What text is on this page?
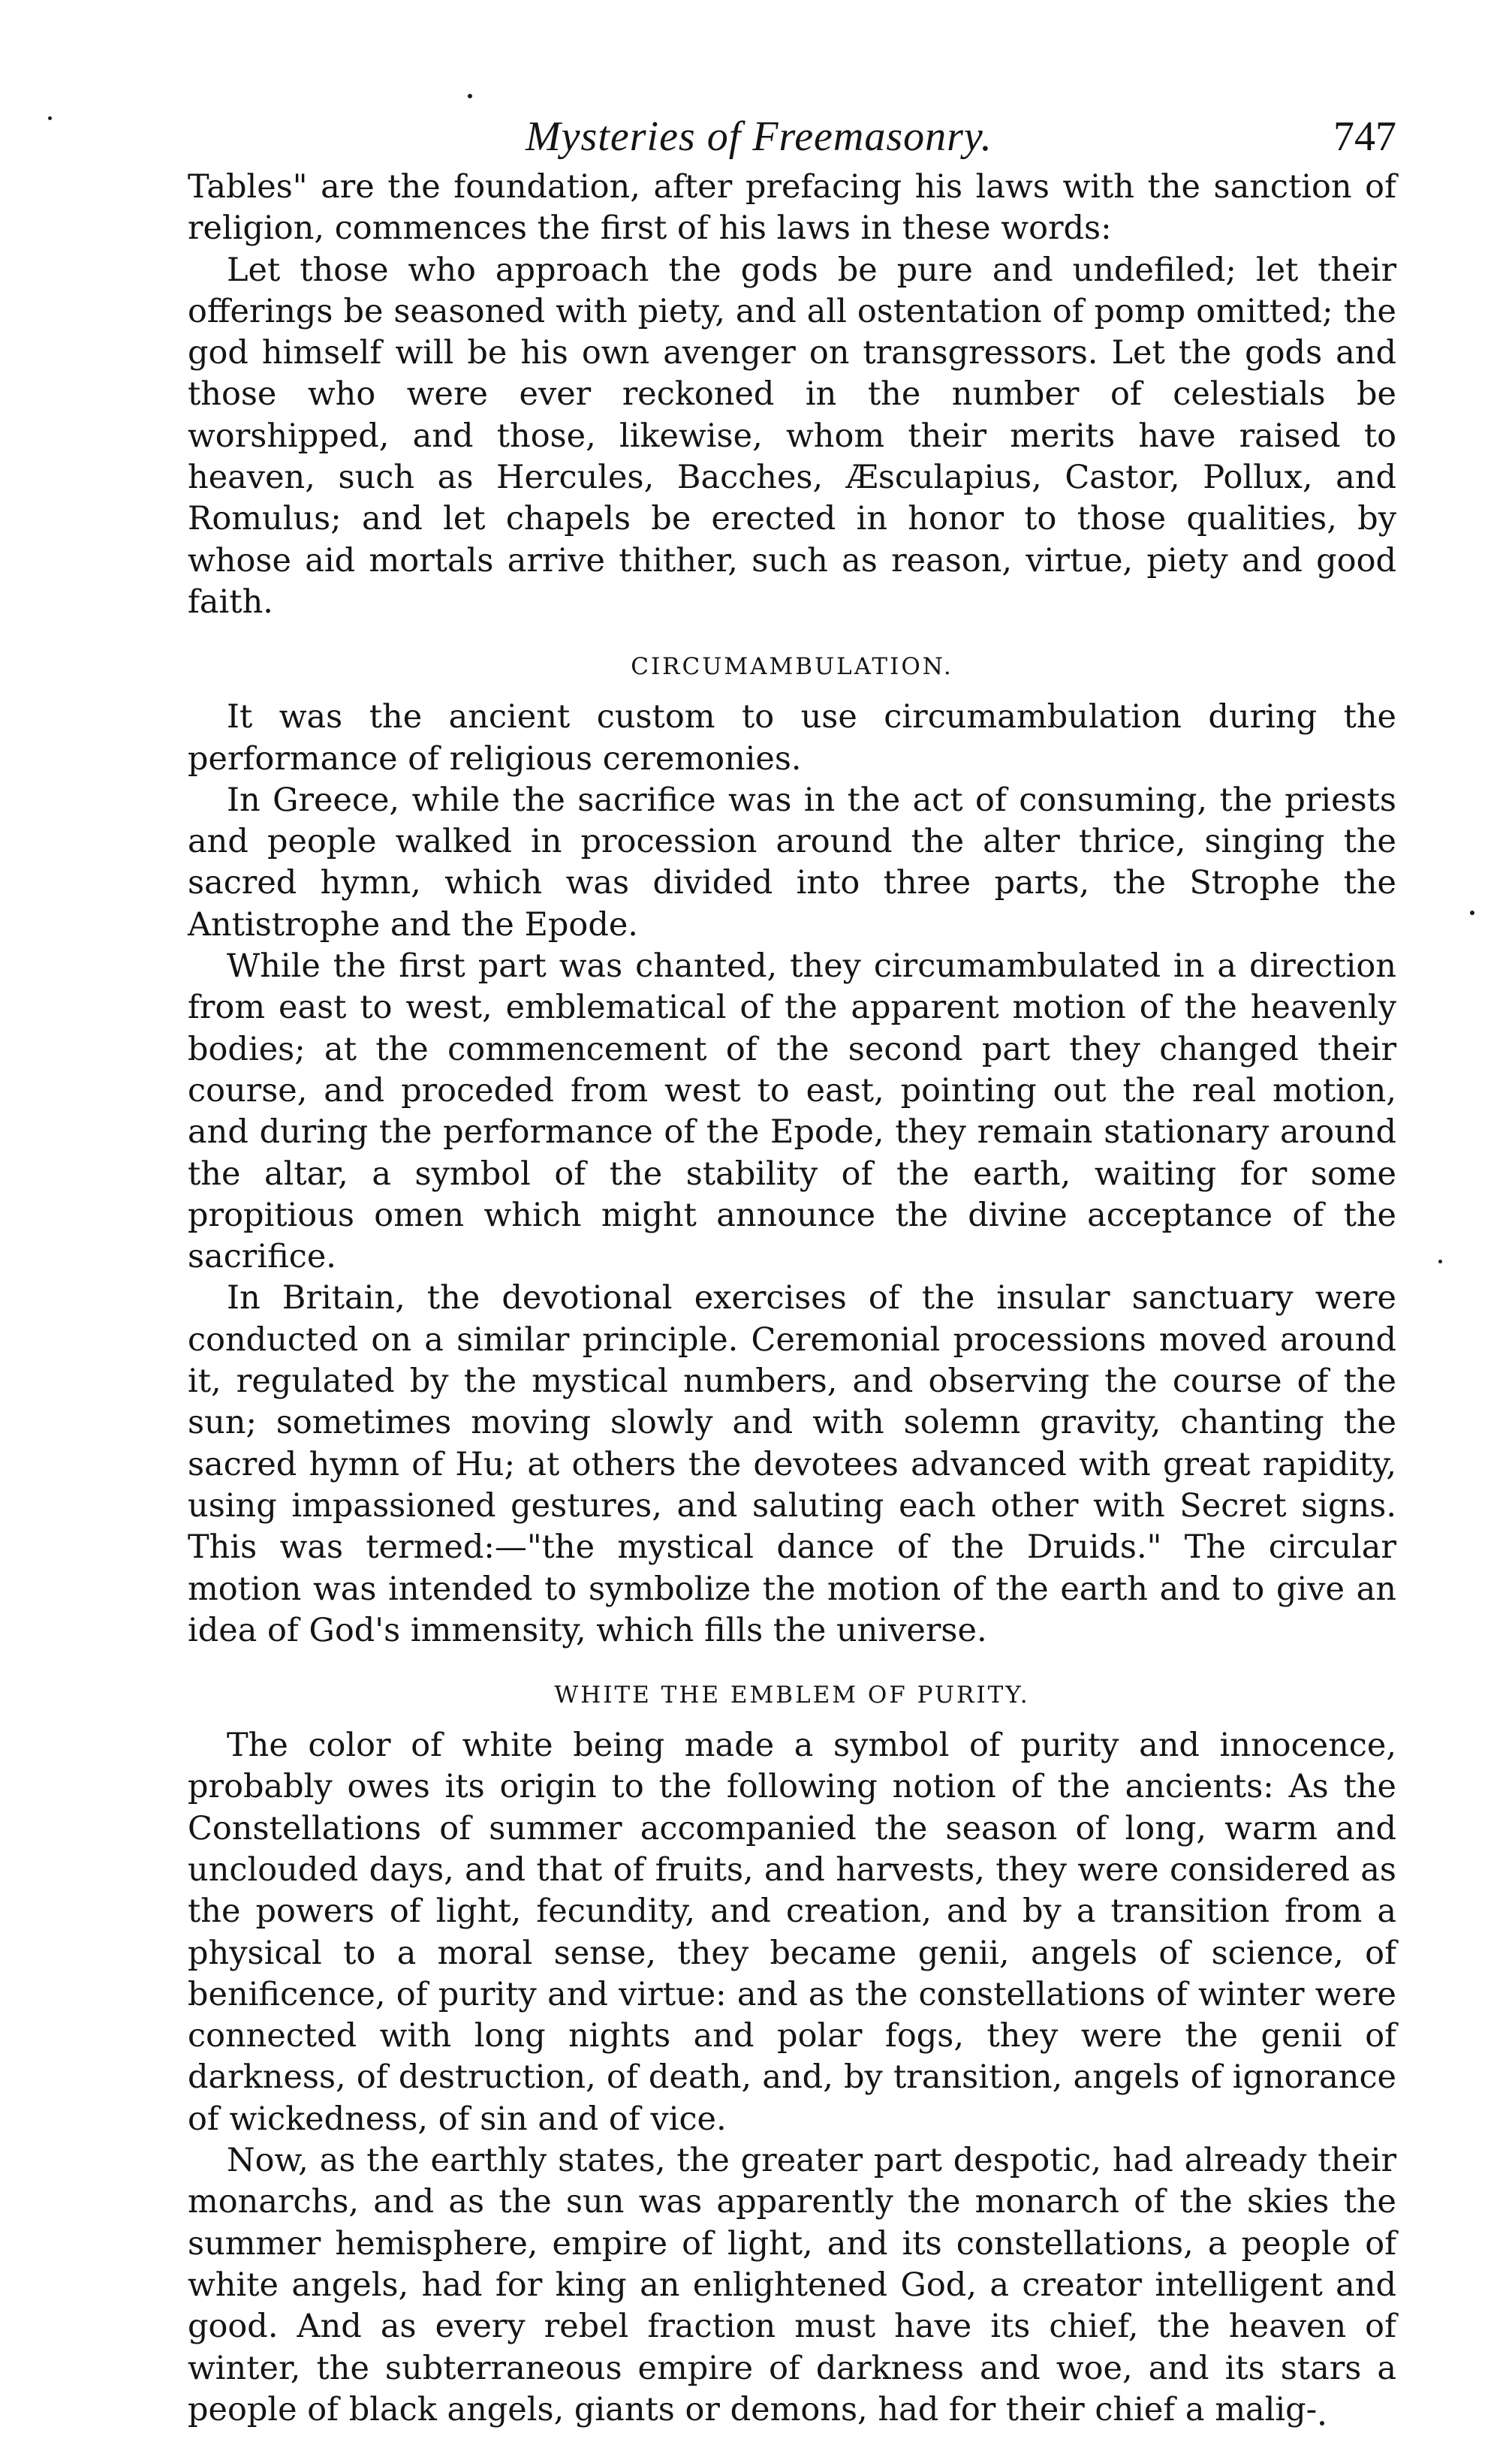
Mysteries of Freemasonry.	747

Tables" are the foundation, after prefacing his laws with the sanction of religion, commences the first of his laws in these words:

Let those who approach the gods be pure and undefiled; let their offerings be seasoned with piety, and all ostentation of pomp omitted; the god himself will be his own avenger on transgressors. Let the gods and those who were ever reckoned in the number of celestials be worshipped, and those, likewise, whom their merits have raised to heaven, such as Hercules, Bacches, Æsculapius, Castor, Pollux, and Romulus; and let chapels be erected in honor to those qualities, by whose aid mortals arrive thither, such as reason, virtue, piety and good faith.

CIRCUMAMBULATION.

It was the ancient custom to use circumambulation during the performance of religious ceremonies.

In Greece, while the sacrifice was in the act of consuming, the priests and people walked in procession around the alter thrice, singing the sacred hymn, which was divided into three parts, the Strophe the Antistrophe and the Epode.

While the first part was chanted, they circumambulated in a direction from east to west, emblematical of the apparent motion of the heavenly bodies; at the commencement of the second part they changed their course, and proceded from west to east, pointing out the real motion, and during the performance of the Epode, they remain stationary around the altar, a symbol of the stability of the earth, waiting for some propitious omen which might announce the divine acceptance of the sacrifice.

In Britain, the devotional exercises of the insular sanctuary were conducted on a similar principle. Ceremonial processions moved around it, regulated by the mystical numbers, and observing the course of the sun; sometimes moving slowly and with solemn gravity, chanting the sacred hymn of Hu; at others the devotees advanced with great rapidity, using impassioned gestures, and saluting each other with Secret signs. This was termed:—"the mystical dance of the Druids." The circular motion was intended to symbolize the motion of the earth and to give an idea of God's immensity, which fills the universe.

WHITE THE EMBLEM OF PURITY.

The color of white being made a symbol of purity and innocence, probably owes its origin to the following notion of the ancients: As the Constellations of summer accompanied the season of long, warm and unclouded days, and that of fruits, and harvests, they were considered as the powers of light, fecundity, and creation, and by a transition from a physical to a moral sense, they became genii, angels of science, of benificence, of purity and virtue: and as the constellations of winter were connected with long nights and polar fogs, they were the genii of darkness, of destruction, of death, and, by transition, angels of ignorance of wickedness, of sin and of vice.

Now, as the earthly states, the greater part despotic, had already their monarchs, and as the sun was apparently the monarch of the skies the summer hemisphere, empire of light, and its constellations, a people of white angels, had for king an enlightened God, a creator intelligent and good. And as every rebel fraction must have its chief, the heaven of winter, the subterraneous empire of darkness and woe, and its stars a people of black angels, giants or demons, had for their chief a malig-
